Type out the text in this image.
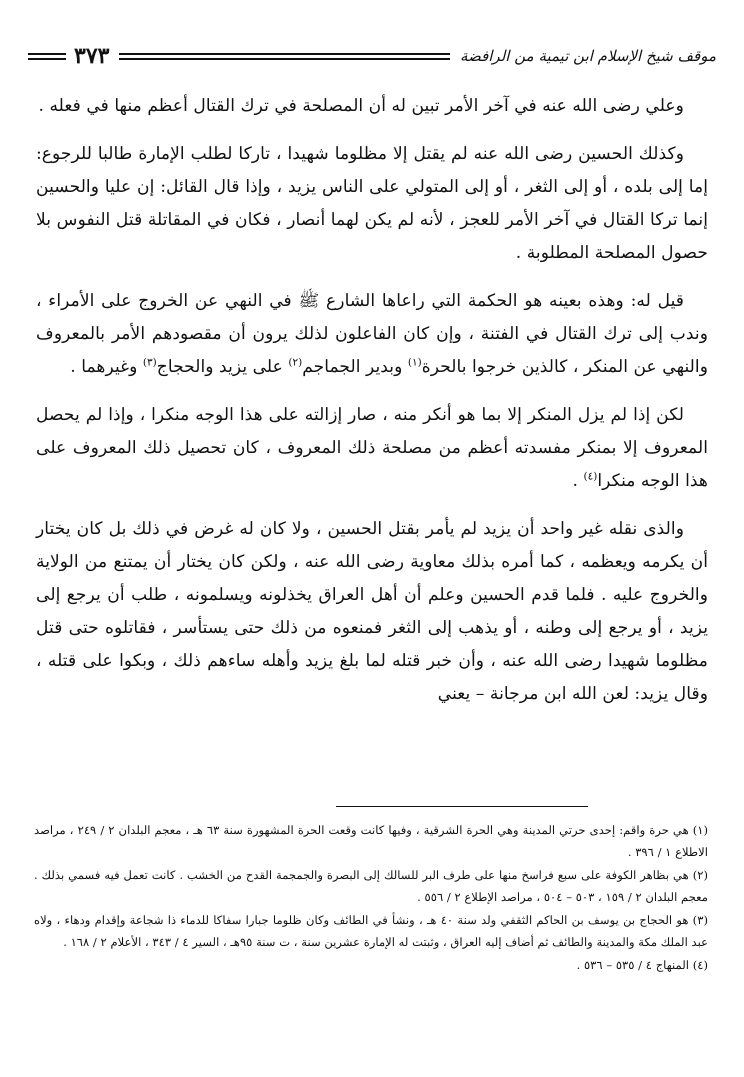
موقف شيخ الإسلام ابن تيمية من الرافضة
٣٧٣

وعلي رضى الله عنه في آخر الأمر تبين له أن المصلحة في ترك القتال أعظم منها في فعله .

وكذلك الحسين رضى الله عنه لم يقتل إلا مظلوما شهيدا ، تاركا لطلب الإمارة طالبا للرجوع: إما إلى بلده ، أو إلى الثغر ، أو إلى المتولي على الناس يزيد ، وإذا قال القائل: إن عليا والحسين إنما تركا القتال في آخر الأمر للعجز ، لأنه لم يكن لهما أنصار ، فكان في المقاتلة قتل النفوس بلا حصول المصلحة المطلوبة .

قيل له: وهذه بعينه هو الحكمة التي راعاها الشارع ﷺ في النهي عن الخروج على الأمراء ، وندب إلى ترك القتال في الفتنة ، وإن كان الفاعلون لذلك يرون أن مقصودهم الأمر بالمعروف والنهي عن المنكر ، كالذين خرجوا بالحرة$^{(١)}$ وبدير الجماجم$^{(٢)}$ على يزيد والحجاج$^{(٣)}$ وغيرهما .

لكن إذا لم يزل المنكر إلا بما هو أنكر منه ، صار إزالته على هذا الوجه منكرا ، وإذا لم يحصل المعروف إلا بمنكر مفسدته أعظم من مصلحة ذلك المعروف ، كان تحصيل ذلك المعروف على هذا الوجه منكرا$^{(٤)}$ .

والذى نقله غير واحد أن يزيد لم يأمر بقتل الحسين ، ولا كان له غرض في ذلك بل كان يختار أن يكرمه ويعظمه ، كما أمره بذلك معاوية رضى الله عنه ، ولكن كان يختار أن يمتنع من الولاية والخروج عليه . فلما قدم الحسين وعلم أن أهل العراق يخذلونه ويسلمونه ، طلب أن يرجع إلى يزيد ، أو يرجع إلى وطنه ، أو يذهب إلى الثغر فمنعوه من ذلك حتى يستأسر ، فقاتلوه حتى قتل مظلوما شهيدا رضى الله عنه ، وأن خبر قتله لما بلغ يزيد وأهله ساءهم ذلك ، وبكوا على قتله ، وقال يزيد: لعن الله ابن مرجانة – يعني

(١) هي حرة واقم: إحدى حرتي المدينة وهي الحرة الشرقية ، وفيها كانت وقعت الحرة المشهورة سنة ٦٣ هـ ، معجم البلدان ٢ / ٢٤٩ ، مراصد الاطلاع ١ / ٣٩٦ .

(٢) هي بظاهر الكوفة على سبع فراسخ منها على طرف البر للسالك إلى البصرة والجمجمة القدح من الخشب . كانت تعمل فيه فسمي بذلك . معجم البلدان ٢ / ١٥٩ ، ٥٠٣ – ٥٠٤ ، مراصد الإطلاع ٢ / ٥٥٦ .

(٣) هو الحجاج بن يوسف بن الحاكم الثقفي ولد سنة ٤٠ هـ ، ونشأ في الطائف وكان ظلوما جبارا سفاكا للدماء ذا شجاعة وإقدام ودهاء ، ولاه عبد الملك مكة والمدينة والطائف ثم أضاف إليه العراق ، وثبتت له الإمارة عشرين سنة ، ت سنة ٩٥هـ ، السير ٤ / ٣٤٣ ، الأعلام ٢ / ١٦٨ .

(٤) المنهاج ٤ / ٥٣٥ – ٥٣٦ .
